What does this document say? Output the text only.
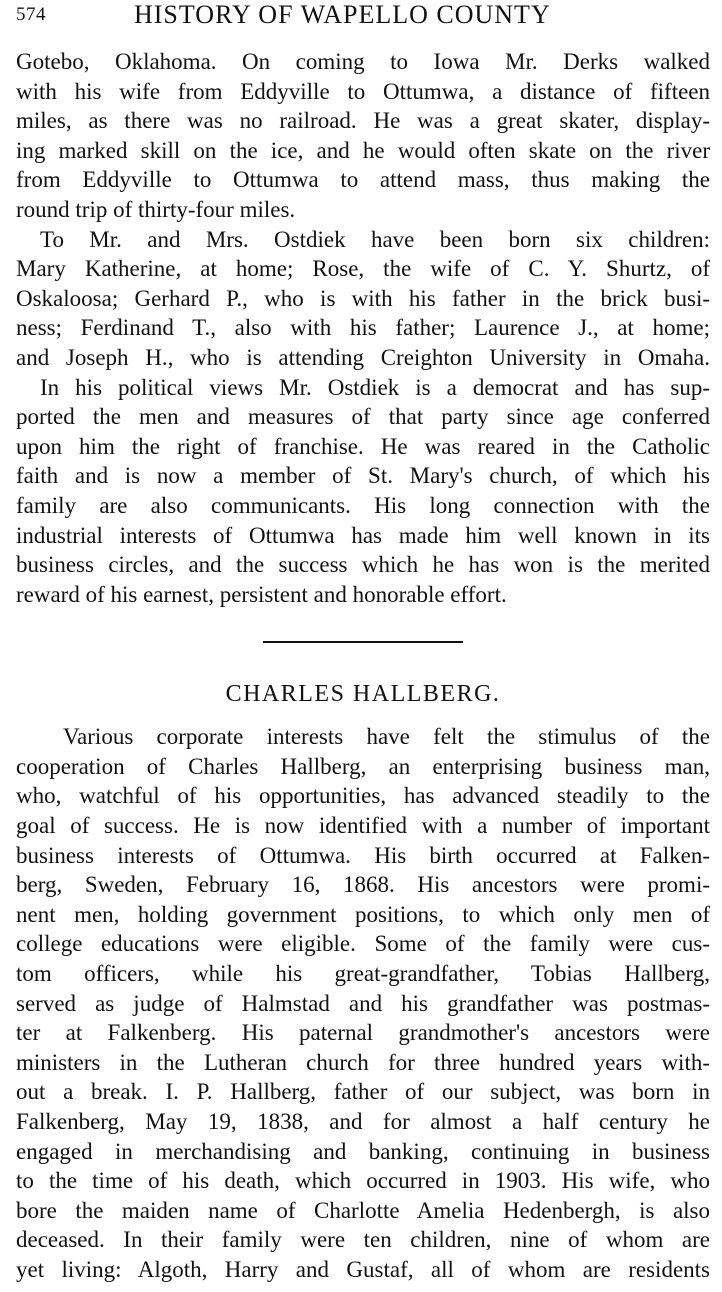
574	HISTORY OF WAPELLO COUNTY
Gotebo, Oklahoma. On coming to Iowa Mr. Derks walked
with his wife from Eddyville to Ottumwa, a distance of fifteen
miles, as there was no railroad. He was a great skater, display-
ing marked skill on the ice, and he would often skate on the river
from Eddyville to Ottumwa to attend mass, thus making the
round trip of thirty-four miles.
To Mr. and Mrs. Ostdiek have been born six children:
Mary Katherine, at home; Rose, the wife of C. Y. Shurtz, of
Oskaloosa; Gerhard P., who is with his father in the brick busi-
ness; Ferdinand T., also with his father; Laurence J., at home;
and Joseph H., who is attending Creighton University in Omaha.
In his political views Mr. Ostdiek is a democrat and has sup-
ported the men and measures of that party since age conferred
upon him the right of franchise. He was reared in the Catholic
faith and is now a member of St. Mary's church, of which his
family are also communicants. His long connection with the
industrial interests of Ottumwa has made him well known in its
business circles, and the success which he has won is the merited
reward of his earnest, persistent and honorable effort.
CHARLES HALLBERG.
Various corporate interests have felt the stimulus of the
cooperation of Charles Hallberg, an enterprising business man,
who, watchful of his opportunities, has advanced steadily to the
goal of success. He is now identified with a number of important
business interests of Ottumwa. His birth occurred at Falken-
berg, Sweden, February 16, 1868. His ancestors were promi-
nent men, holding government positions, to which only men of
college educations were eligible. Some of the family were cus-
tom officers, while his great-grandfather, Tobias Hallberg,
served as judge of Halmstad and his grandfather was postmas-
ter at Falkenberg. His paternal grandmother's ancestors were
ministers in the Lutheran church for three hundred years with-
out a break. I. P. Hallberg, father of our subject, was born in
Falkenberg, May 19, 1838, and for almost a half century he
engaged in merchandising and banking, continuing in business
to the time of his death, which occurred in 1903. His wife, who
bore the maiden name of Charlotte Amelia Hedenbergh, is also
deceased. In their family were ten children, nine of whom are
yet living: Algoth, Harry and Gustaf, all of whom are residents
